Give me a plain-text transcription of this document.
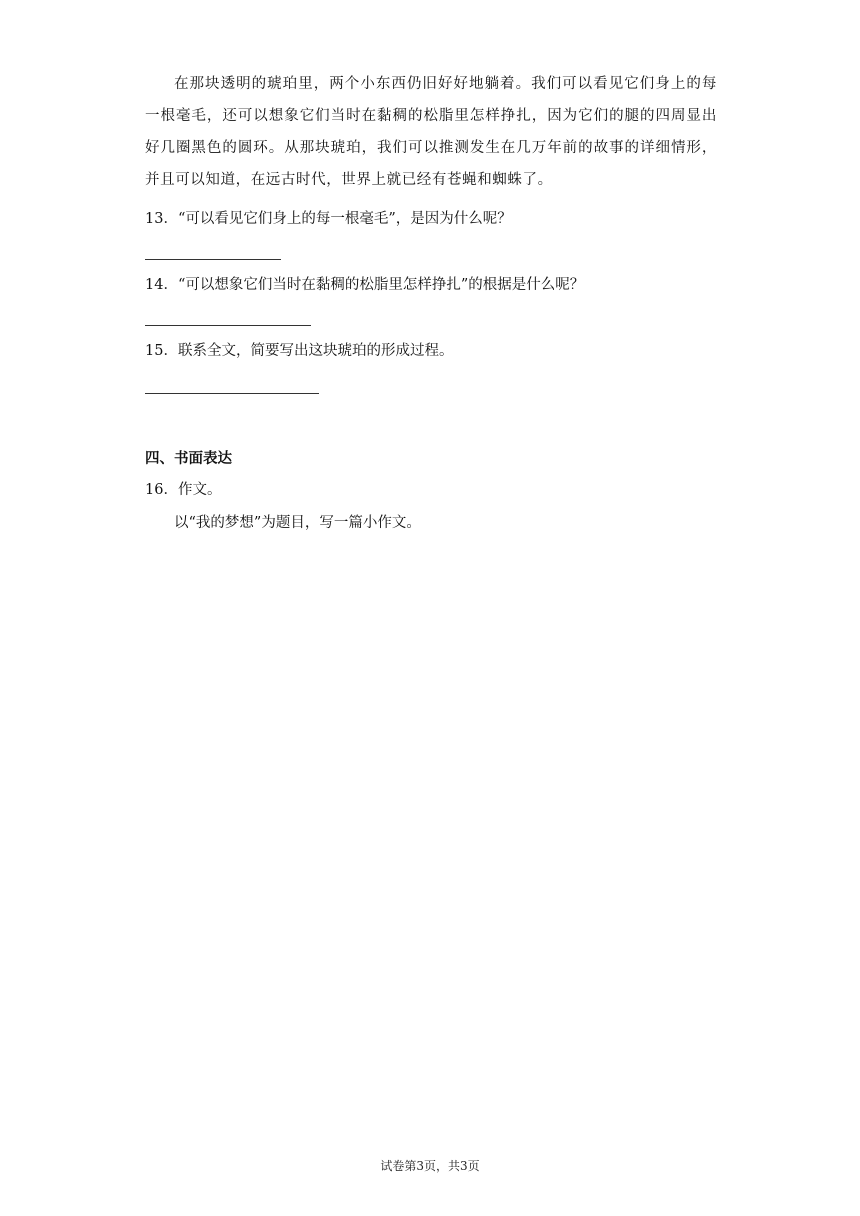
在那块透明的琥珀里，两个小东西仍旧好好地躺着。我们可以看见它们身上的每一根毫毛，还可以想象它们当时在黏稠的松脂里怎样挣扎，因为它们的腿的四周显出好几圈黑色的圆环。从那块琥珀，我们可以推测发生在几万年前的故事的详细情形，并且可以知道，在远古时代，世界上就已经有苍蝇和蜘蛛了。

13．“可以看见它们身上的每一根毫毛”，是因为什么呢？

14．“可以想象它们当时在黏稠的松脂里怎样挣扎”的根据是什么呢？

15．联系全文，简要写出这块琥珀的形成过程。

四、书面表达

16．作文。

以“我的梦想”为题目，写一篇小作文。

试卷第3页，共3页
